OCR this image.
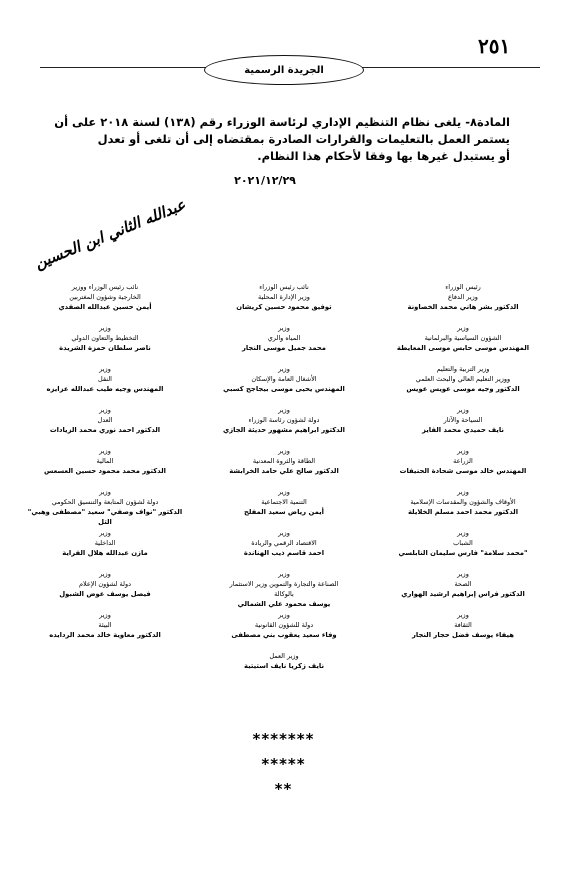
٢٥١
الجريدة الرسمية

المادة٨- يلغى نظام التنظيم الإداري لرئاسة الوزراء رقم (١٣٨) لسنة ٢٠١٨ على أن

يستمر العمل بالتعليمات والقرارات الصادرة بمقتضاه إلى أن تلغى أو تعدل

أو يستبدل غيرها بها وفقا لأحكام هذا النظام.

٢٠٢١/١٢/٢٩
عبدالله الثاني ابن الحسين
رئيس الوزراء
وزير الدفاع
الدكتور بشر هاني محمد الخصاونة
نائب رئيس الوزراء
وزير الإدارة المحلية
توفيق محمود حسين كريشان
نائب رئيس الوزراء ووزير
الخارجية وشؤون المغتربين
أيمن حسين عبدالله الصفدي
وزير
الشؤون السياسية والبرلمانية
المهندس موسى حابس موسى المعايطة
وزير
المياه والري
محمد جميل موسى النجار
وزير
التخطيط والتعاون الدولي
ناصر سلطان حمزة الشريدة
وزير التربية والتعليم
ووزير التعليم العالي والبحث العلمي
الدكتور وجيه موسى عويس عويس
وزير
الأشغال العامة والإسكان
المهندس يحيى موسى بيجاجح كسبي
وزير
النقل
المهندس وجيه طيب عبدالله عزايزه
وزير
السياحة والآثار
نايف حميدي محمد الفايز
وزير
دولة لشؤون رئاسة الوزراء
الدكتور ابراهيم مشهور حديثة الجازي
وزير
العدل
الدكتور احمد نوري محمد الزيادات
وزير
الزراعة
المهندس خالد موسى شحادة الحنيفات
وزير
الطاقة والثروة المعدنية
الدكتور صالح علي حامد الخرابشة
وزير
المالية
الدكتور محمد محمود حسين العسعس
وزير
الأوقاف والشؤون والمقدسات الإسلامية
الدكتور محمد احمد مسلم الخلايلة
وزير
التنمية الاجتماعية
أيمن رياض سعيد المفلح
وزير
دولة لشؤون المتابعة والتنسيق الحكومي
الدكتور "نواف وصفي" سعيد "مصطفى وهبي" التل
وزير
الشباب
"محمد سلامة" فارس سليمان النابلسي
وزير
الاقتصاد الرقمي والريادة
احمد قاسم ذيب الهناندة
وزير
الداخلية
مازن عبدالله هلال الفراية
وزير
الصحة
الدكتور فراس إبراهيم ارشيد الهواري
وزير
الصناعة والتجارة والتموين وزير الاستثمار
بالوكالة
يوسف محمود علي الشمالي
وزير
دولة لشؤون الإعلام
فيصل يوسف عوض الشبول
وزير
الثقافة
هيفاء يوسف فضل حجار النجار
وزير
دولة للشؤون القانونية
وفاء سعيد يعقوب بني مصطفى
وزير
البيئة
الدكتور معاوية خالد محمد الردايده
وزير العمل
نايف زكريا نايف استيتية
*******
*****
**
